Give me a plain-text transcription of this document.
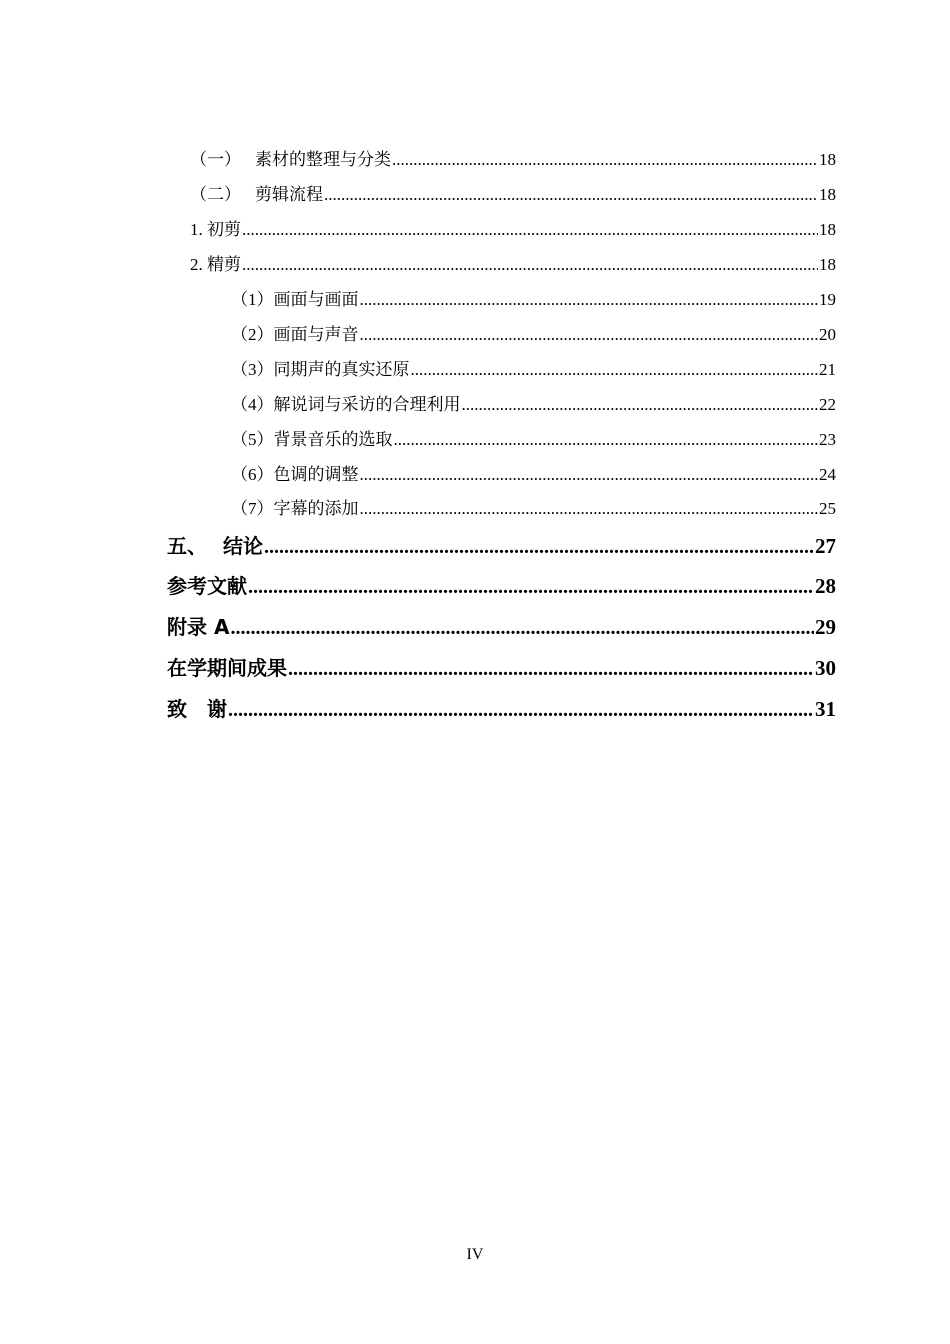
（一） 素材的整理与分类 .....	18
（二） 剪辑流程 .....	18
1. 初剪 .....	18
2. 精剪 .....	18
（1）画面与画面 .....	19
（2）画面与声音 .....	20
（3）同期声的真实还原 .....	21
（4）解说词与采访的合理利用 .....	22
（5）背景音乐的选取 .....	23
（6）色调的调整 .....	24
（7）字幕的添加 .....	25
五、 结论 .....	27
参考文献 .....	28
附录 A .....	29
在学期间成果 .....	30
致　谢 .....	31
IV
